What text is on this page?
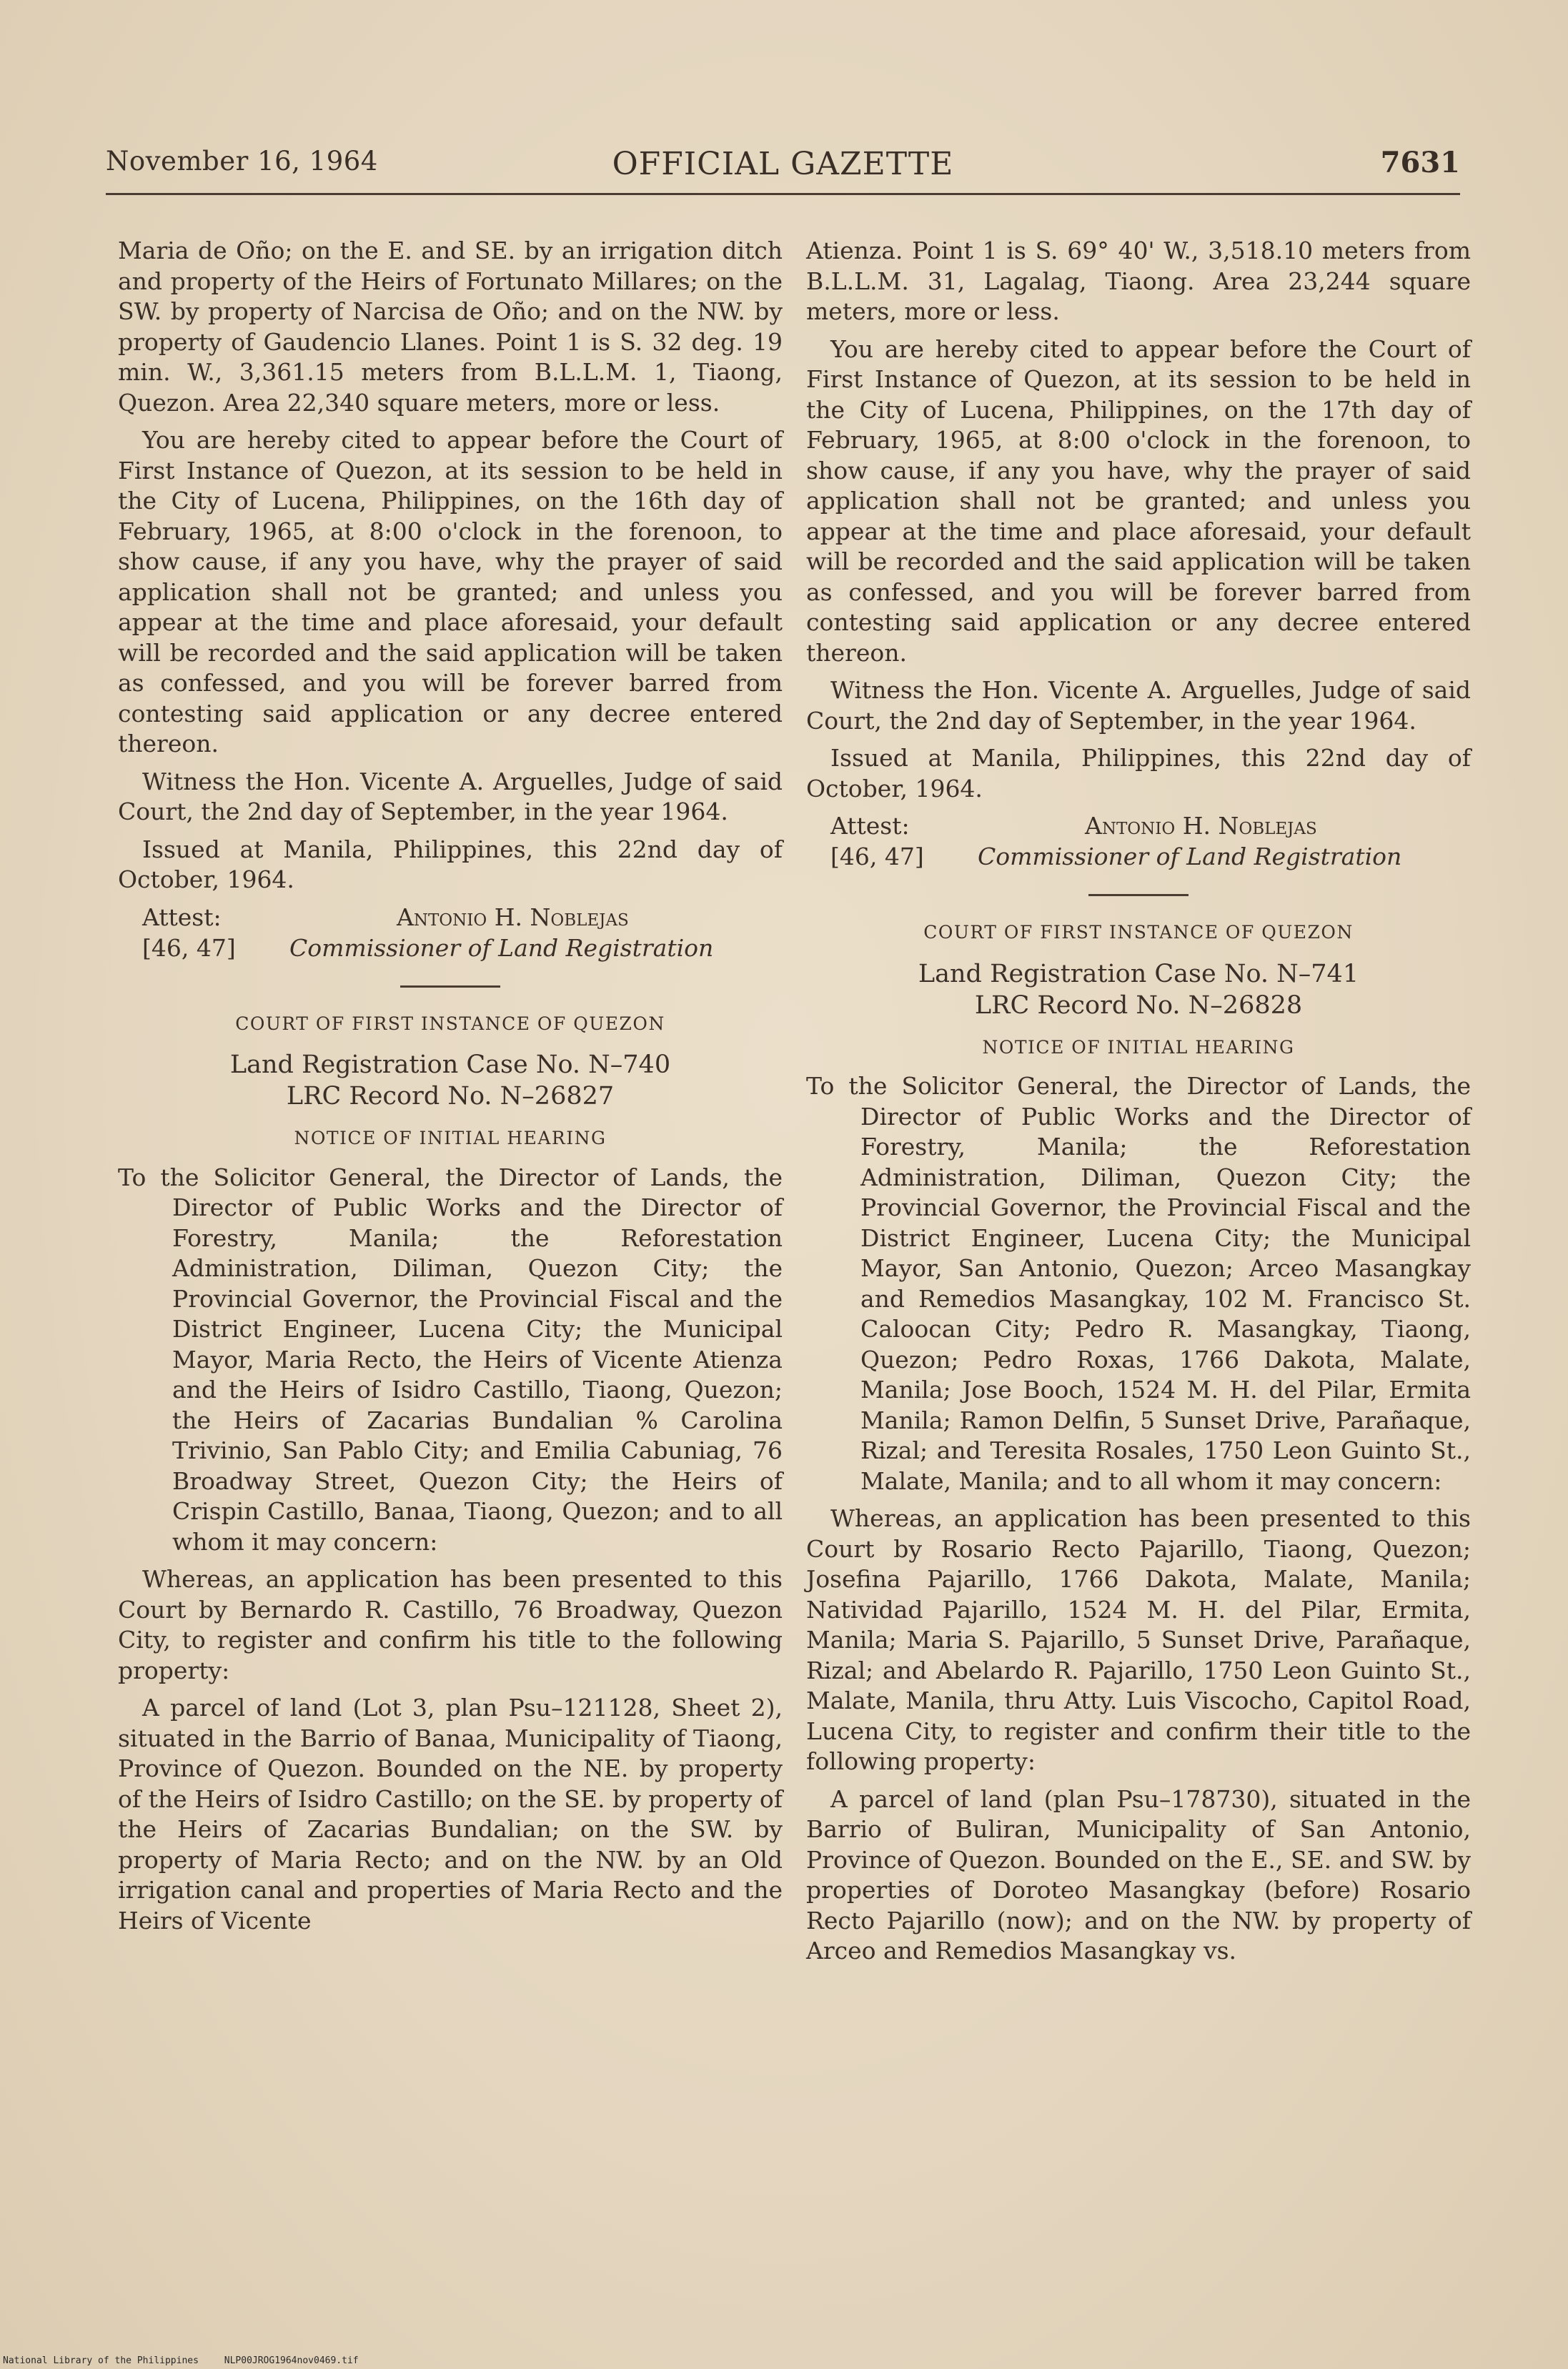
November 16, 1964	OFFICIAL GAZETTE	7631

Maria de Oño; on the E. and SE. by an irrigation ditch and property of the Heirs of Fortunato Millares; on the SW. by property of Narcisa de Oño; and on the NW. by property of Gaudencio Llanes. Point 1 is S. 32 deg. 19 min. W., 3,361.15 meters from B.L.L.M. 1, Tiaong, Quezon. Area 22,340 square meters, more or less.

You are hereby cited to appear before the Court of First Instance of Quezon, at its session to be held in the City of Lucena, Philippines, on the 16th day of February, 1965, at 8:00 o'clock in the forenoon, to show cause, if any you have, why the prayer of said application shall not be granted; and unless you appear at the time and place aforesaid, your default will be recorded and the said application will be taken as confessed, and you will be forever barred from contesting said application or any decree entered thereon.

Witness the Hon. Vicente A. Arguelles, Judge of said Court, the 2nd day of September, in the year 1964.

Issued at Manila, Philippines, this 22nd day of October, 1964.

Attest:	Antonio H. Noblejas
[46, 47] Commissioner of Land Registration
COURT OF FIRST INSTANCE OF QUEZON
Land Registration Case No. N–740
LRC Record No. N–26827
NOTICE OF INITIAL HEARING

To the Solicitor General, the Director of Lands, the Director of Public Works and the Director of Forestry, Manila; the Reforestation Administration, Diliman, Quezon City; the Provincial Governor, the Provincial Fiscal and the District Engineer, Lucena City; the Municipal Mayor, Maria Recto, the Heirs of Vicente Atienza and the Heirs of Isidro Castillo, Tiaong, Quezon; the Heirs of Zacarias Bundalian % Carolina Trivinio, San Pablo City; and Emilia Cabuniag, 76 Broadway Street, Quezon City; the Heirs of Crispin Castillo, Banaa, Tiaong, Quezon; and to all whom it may concern:

Whereas, an application has been presented to this Court by Bernardo R. Castillo, 76 Broadway, Quezon City, to register and confirm his title to the following property:

A parcel of land (Lot 3, plan Psu–121128, Sheet 2), situated in the Barrio of Banaa, Municipality of Tiaong, Province of Quezon. Bounded on the NE. by property of the Heirs of Isidro Castillo; on the SE. by property of the Heirs of Zacarias Bundalian; on the SW. by property of Maria Recto; and on the NW. by an Old irrigation canal and properties of Maria Recto and the Heirs of Vicente

Atienza. Point 1 is S. 69° 40' W., 3,518.10 meters from B.L.L.M. 31, Lagalag, Tiaong. Area 23,244 square meters, more or less.

You are hereby cited to appear before the Court of First Instance of Quezon, at its session to be held in the City of Lucena, Philippines, on the 17th day of February, 1965, at 8:00 o'clock in the forenoon, to show cause, if any you have, why the prayer of said application shall not be granted; and unless you appear at the time and place aforesaid, your default will be recorded and the said application will be taken as confessed, and you will be forever barred from contesting said application or any decree entered thereon.

Witness the Hon. Vicente A. Arguelles, Judge of said Court, the 2nd day of September, in the year 1964.

Issued at Manila, Philippines, this 22nd day of October, 1964.

Attest:	Antonio H. Noblejas
[46, 47] Commissioner of Land Registration
COURT OF FIRST INSTANCE OF QUEZON
Land Registration Case No. N–741
LRC Record No. N–26828
NOTICE OF INITIAL HEARING

To the Solicitor General, the Director of Lands, the Director of Public Works and the Director of Forestry, Manila; the Reforestation Administration, Diliman, Quezon City; the Provincial Governor, the Provincial Fiscal and the District Engineer, Lucena City; the Municipal Mayor, San Antonio, Quezon; Arceo Masangkay and Remedios Masangkay, 102 M. Francisco St. Caloocan City; Pedro R. Masangkay, Tiaong, Quezon; Pedro Roxas, 1766 Dakota, Malate, Manila; Jose Booch, 1524 M. H. del Pilar, Ermita Manila; Ramon Delfin, 5 Sunset Drive, Parañaque, Rizal; and Teresita Rosales, 1750 Leon Guinto St., Malate, Manila; and to all whom it may concern:

Whereas, an application has been presented to this Court by Rosario Recto Pajarillo, Tiaong, Quezon; Josefina Pajarillo, 1766 Dakota, Malate, Manila; Natividad Pajarillo, 1524 M. H. del Pilar, Ermita, Manila; Maria S. Pajarillo, 5 Sunset Drive, Parañaque, Rizal; and Abelardo R. Pajarillo, 1750 Leon Guinto St., Malate, Manila, thru Atty. Luis Viscocho, Capitol Road, Lucena City, to register and confirm their title to the following property:

A parcel of land (plan Psu–178730), situated in the Barrio of Buliran, Municipality of San Antonio, Province of Quezon. Bounded on the E., SE. and SW. by properties of Doroteo Masangkay (before) Rosario Recto Pajarillo (now); and on the NW. by property of Arceo and Remedios Masangkay vs.

National Library of the Philippines	NLP00JROG1964nov0469.tif
